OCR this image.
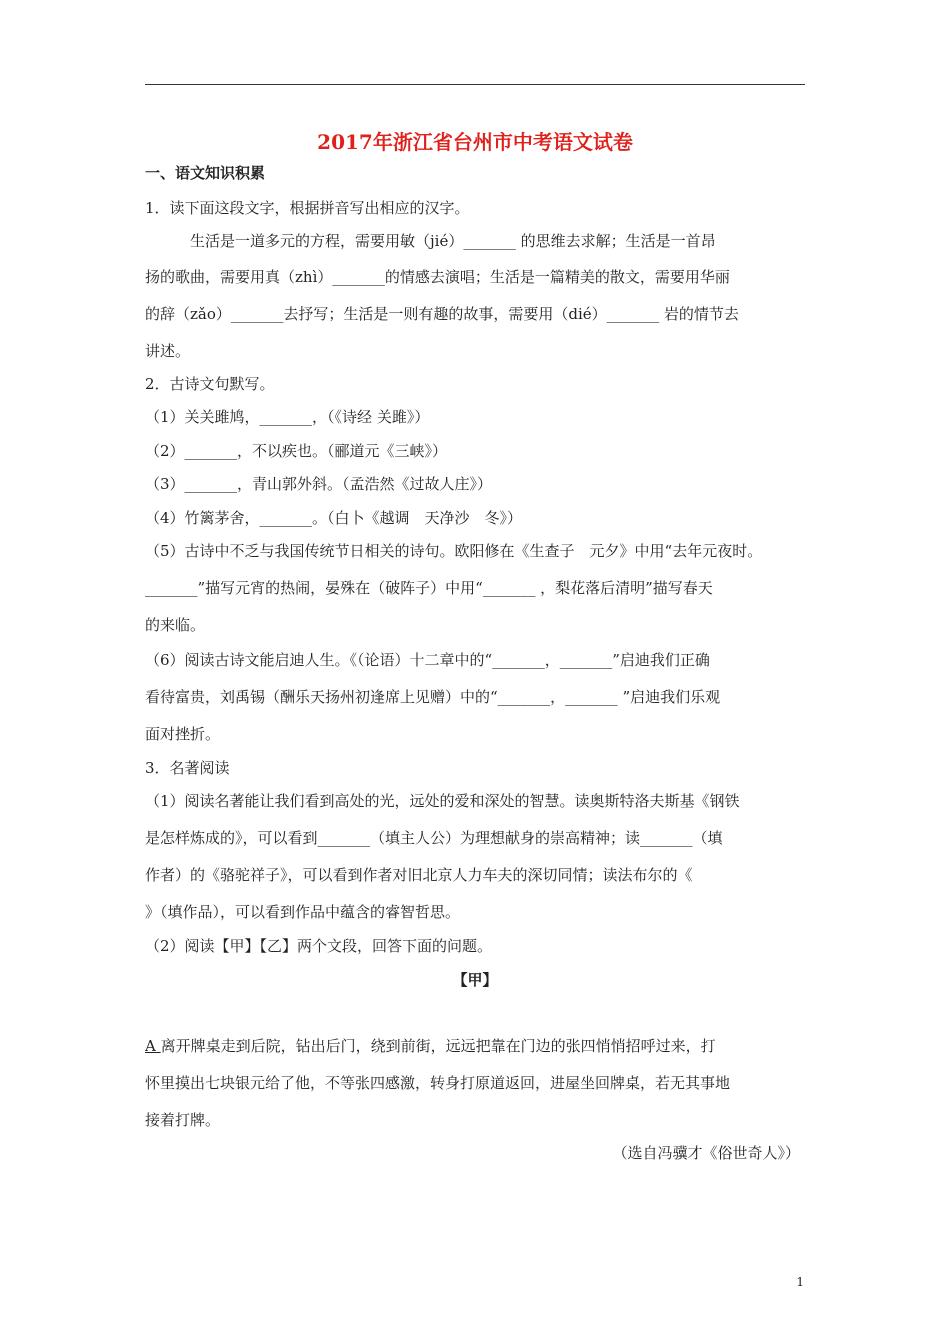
2017年浙江省台州市中考语文试卷
一、语文知识积累
1．读下面这段文字，根据拼音写出相应的汉字。
　　　生活是一道多元的方程，需要用敏（jié）_______ 的思维去求解；生活是一首昂
扬的歌曲，需要用真（zhì）_______的情感去演唱；生活是一篇精美的散文，需要用华丽
的辞（zǎo）_______去抒写；生活是一则有趣的故事，需要用（dié）_______ 岩的情节去
讲述。
2．古诗文句默写。
（1）关关雎鸠，_______，（《诗经 关雎》）
（2）_______，不以疾也。（郦道元《三峡》）
（3）_______，青山郭外斜。（孟浩然《过故人庄》）
（4）竹篱茅舍，_______。（白卜《越调　天净沙　冬》）
（5）古诗中不乏与我国传统节日相关的诗句。欧阳修在《生查子　元夕》中用“去年元夜时。
_______”描写元宵的热闹，晏殊在（破阵子）中用“_______ ，梨花落后清明”描写春天
的来临。
（6）阅读古诗文能启迪人生。《（论语）十二章中的“_______，_______”启迪我们正确
看待富贵，刘禹锡（酬乐天扬州初逢席上见赠）中的“_______，_______ ”启迪我们乐观
面对挫折。
3．名著阅读
（1）阅读名著能让我们看到高处的光，远处的爱和深处的智慧。读奥斯特洛夫斯基《钢铁
是怎样炼成的》，可以看到_______（填主人公）为理想献身的崇高精神；读_______（填
作者）的《骆驼祥子》，可以看到作者对旧北京人力车夫的深切同情；读法布尔的《
》（填作品），可以看到作品中蕴含的睿智哲思。
（2）阅读【甲】【乙】两个文段，回答下面的问题。
【甲】
A 离开牌桌走到后院，钻出后门，绕到前街，远远把靠在门边的张四悄悄招呼过来，打
怀里摸出七块银元给了他，不等张四感激，转身打原道返回，进屋坐回牌桌，若无其事地
接着打牌。
（选自冯骥才《俗世奇人》）
1
